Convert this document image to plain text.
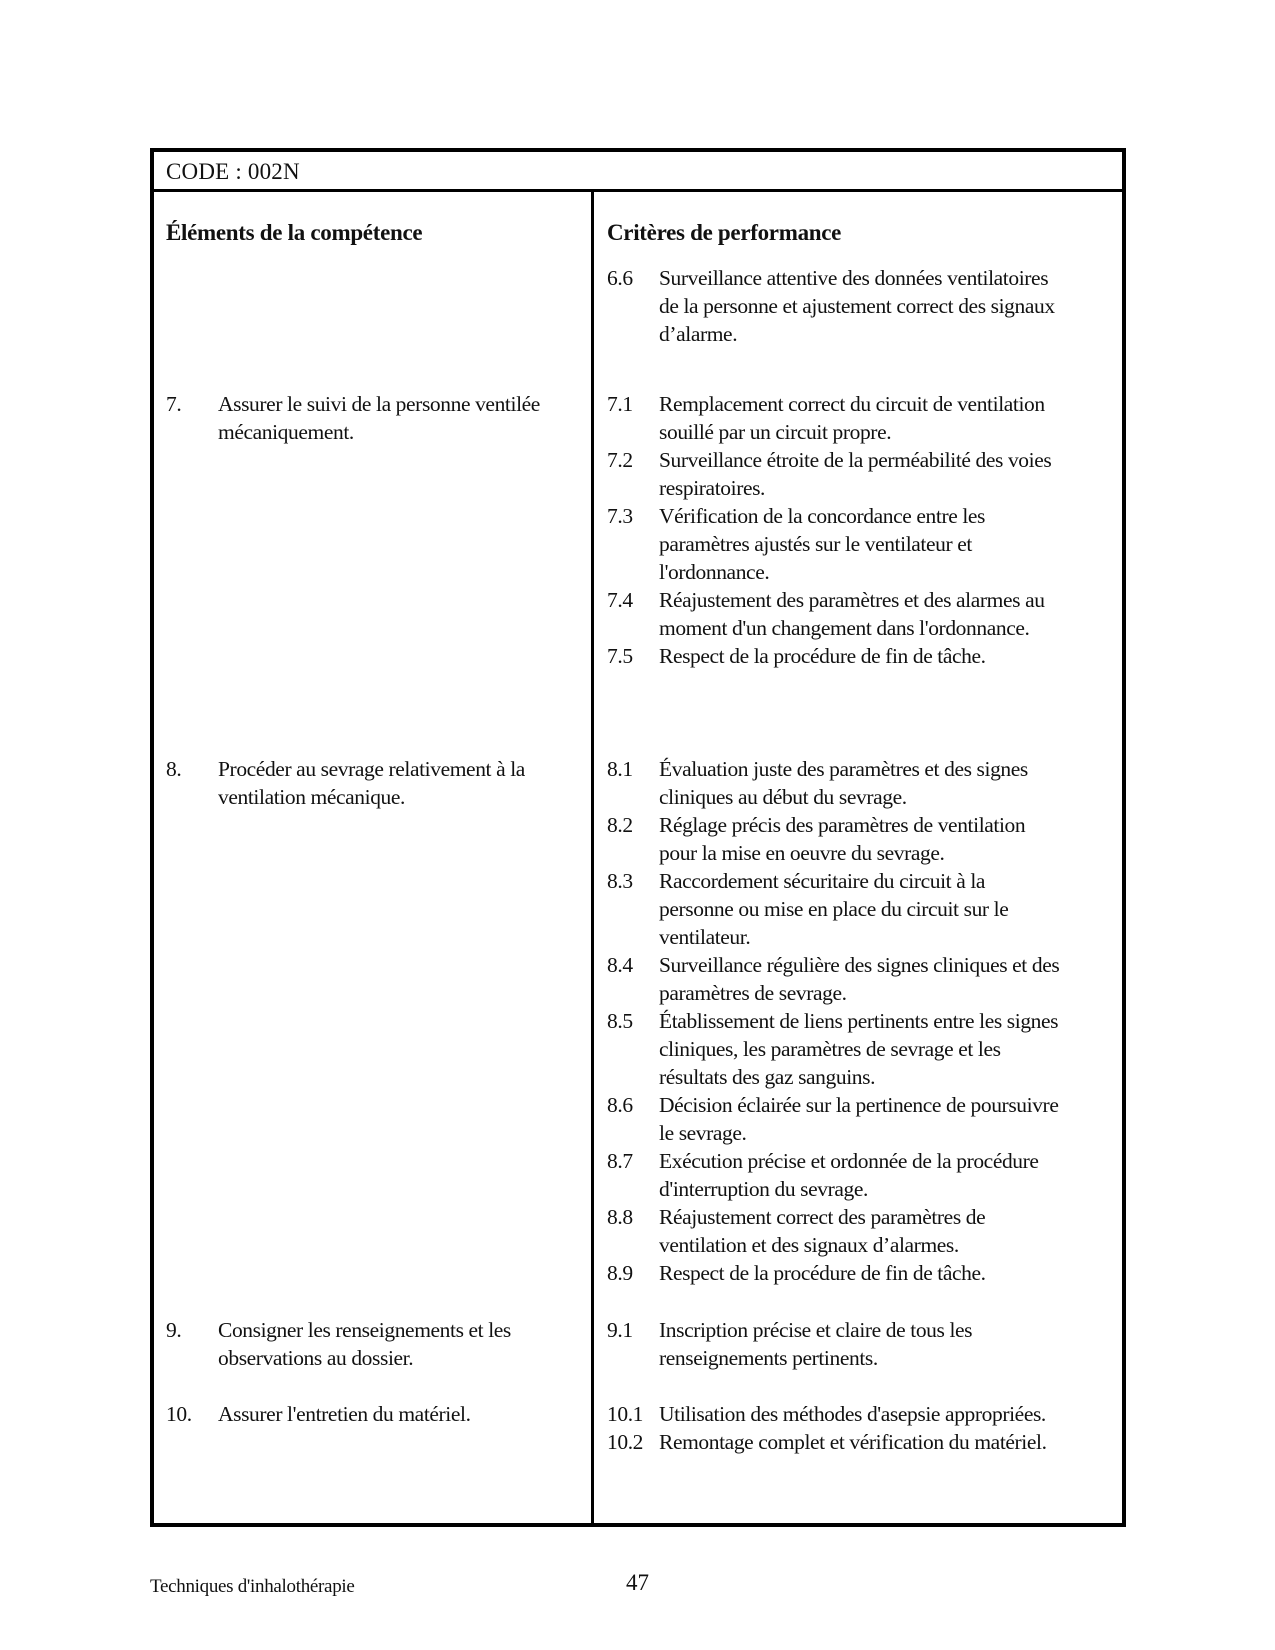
CODE : 002N
Éléments de la compétence	Critères de performance
7. Assurer le suivi de la personne ventilée
mécaniquement.
8. Procéder au sevrage relativement à la
ventilation mécanique.
9. Consigner les renseignements et les
observations au dossier.
10. Assurer l'entretien du matériel.
6.6 Surveillance attentive des données ventilatoires
de la personne et ajustement correct des signaux
d’alarme.
7.1 Remplacement correct du circuit de ventilation
souillé par un circuit propre.
7.2 Surveillance étroite de la perméabilité des voies
respiratoires.
7.3 Vérification de la concordance entre les
paramètres ajustés sur le ventilateur et
l'ordonnance.
7.4 Réajustement des paramètres et des alarmes au
moment d'un changement dans l'ordonnance.
7.5 Respect de la procédure de fin de tâche.
8.1 Évaluation juste des paramètres et des signes
cliniques au début du sevrage.
8.2 Réglage précis des paramètres de ventilation
pour la mise en oeuvre du sevrage.
8.3 Raccordement sécuritaire du circuit à la
personne ou mise en place du circuit sur le
ventilateur.
8.4 Surveillance régulière des signes cliniques et des
paramètres de sevrage.
8.5 Établissement de liens pertinents entre les signes
cliniques, les paramètres de sevrage et les
résultats des gaz sanguins.
8.6 Décision éclairée sur la pertinence de poursuivre
le sevrage.
8.7 Exécution précise et ordonnée de la procédure
d'interruption du sevrage.
8.8 Réajustement correct des paramètres de
ventilation et des signaux d’alarmes.
8.9 Respect de la procédure de fin de tâche.
9.1 Inscription précise et claire de tous les
renseignements pertinents.
10.1 Utilisation des méthodes d'asepsie appropriées.
10.2 Remontage complet et vérification du matériel.
Techniques d'inhalothérapie	47
